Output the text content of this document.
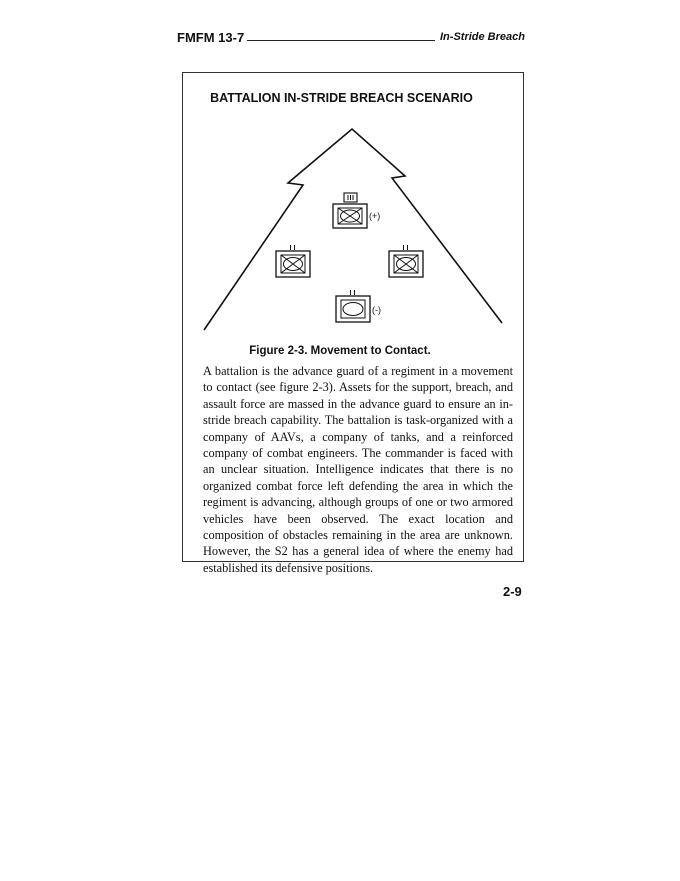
FMFM 13-7	In-Stride Breach
BATTALION IN-STRIDE BREACH SCENARIO
(+)
(-)
Figure 2-3. Movement to Contact.

A battalion is the advance guard of a regiment in a movement to contact (see figure 2-3). Assets for the support, breach, and assault force are massed in the advance guard to ensure an in-stride breach capability. The battalion is task-organized with a company of AAVs, a company of tanks, and a reinforced company of combat engineers. The commander is faced with an unclear situation. Intelligence indicates that there is no organized combat force left defending the area in which the regiment is advancing, although groups of one or two armored vehicles have been observed. The exact location and composition of obstacles remaining in the area are unknown. However, the S2 has a general idea of where the enemy had established its defensive positions.

2-9
